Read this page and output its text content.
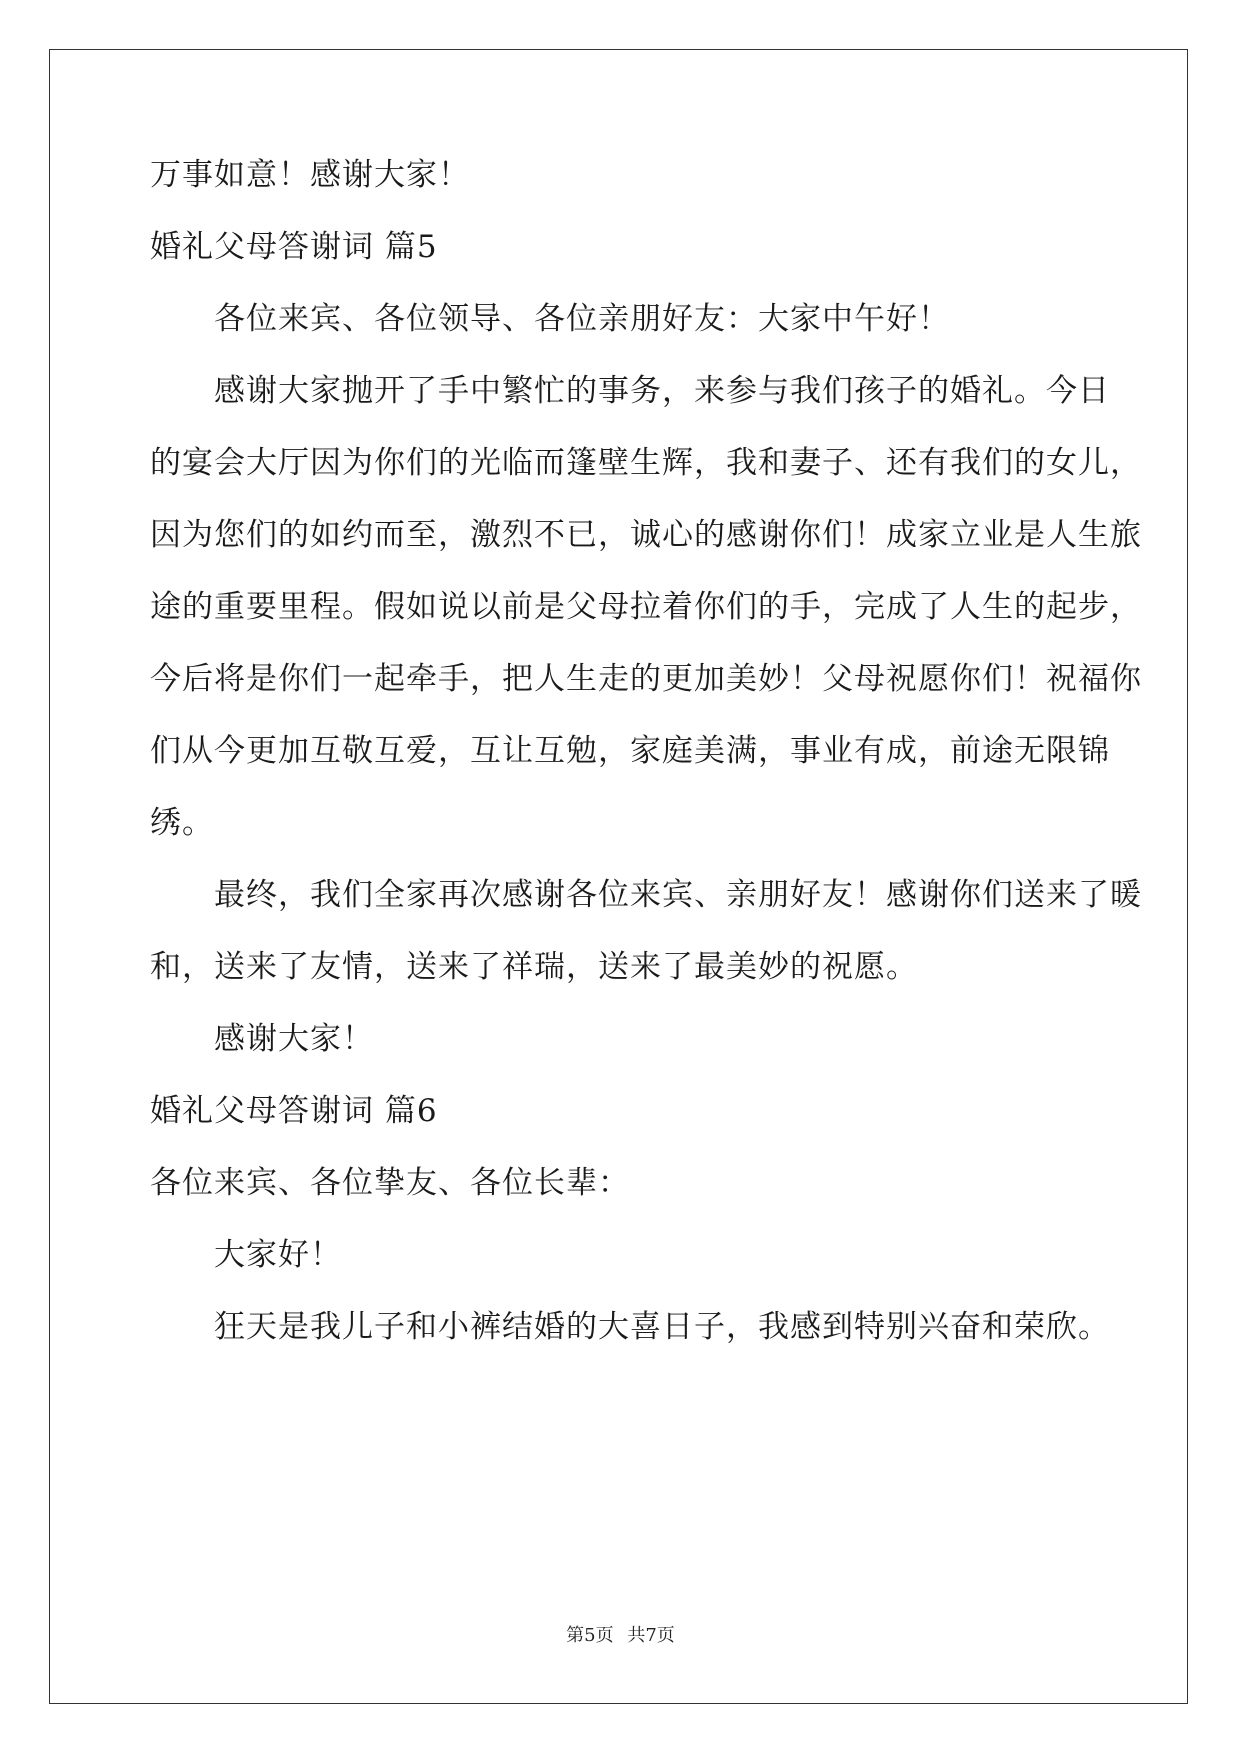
万事如意！感谢大家！
婚礼父母答谢词 篇5
各位来宾、各位领导、各位亲朋好友：大家中午好！
感谢大家抛开了手中繁忙的事务，来参与我们孩子的婚礼。今日
的宴会大厅因为你们的光临而篷壁生辉，我和妻子、还有我们的女儿，
因为您们的如约而至，激烈不已，诚心的感谢你们！成家立业是人生旅
途的重要里程。假如说以前是父母拉着你们的手，完成了人生的起步，
今后将是你们一起牵手，把人生走的更加美妙！父母祝愿你们！祝福你
们从今更加互敬互爱，互让互勉，家庭美满，事业有成，前途无限锦
绣。
最终，我们全家再次感谢各位来宾、亲朋好友！感谢你们送来了暖
和，送来了友情，送来了祥瑞，送来了最美妙的祝愿。
感谢大家！
婚礼父母答谢词 篇6
各位来宾、各位挚友、各位长辈：
大家好！
狂天是我儿子和小裤结婚的大喜日子，我感到特别兴奋和荣欣。
第5页 共7页
